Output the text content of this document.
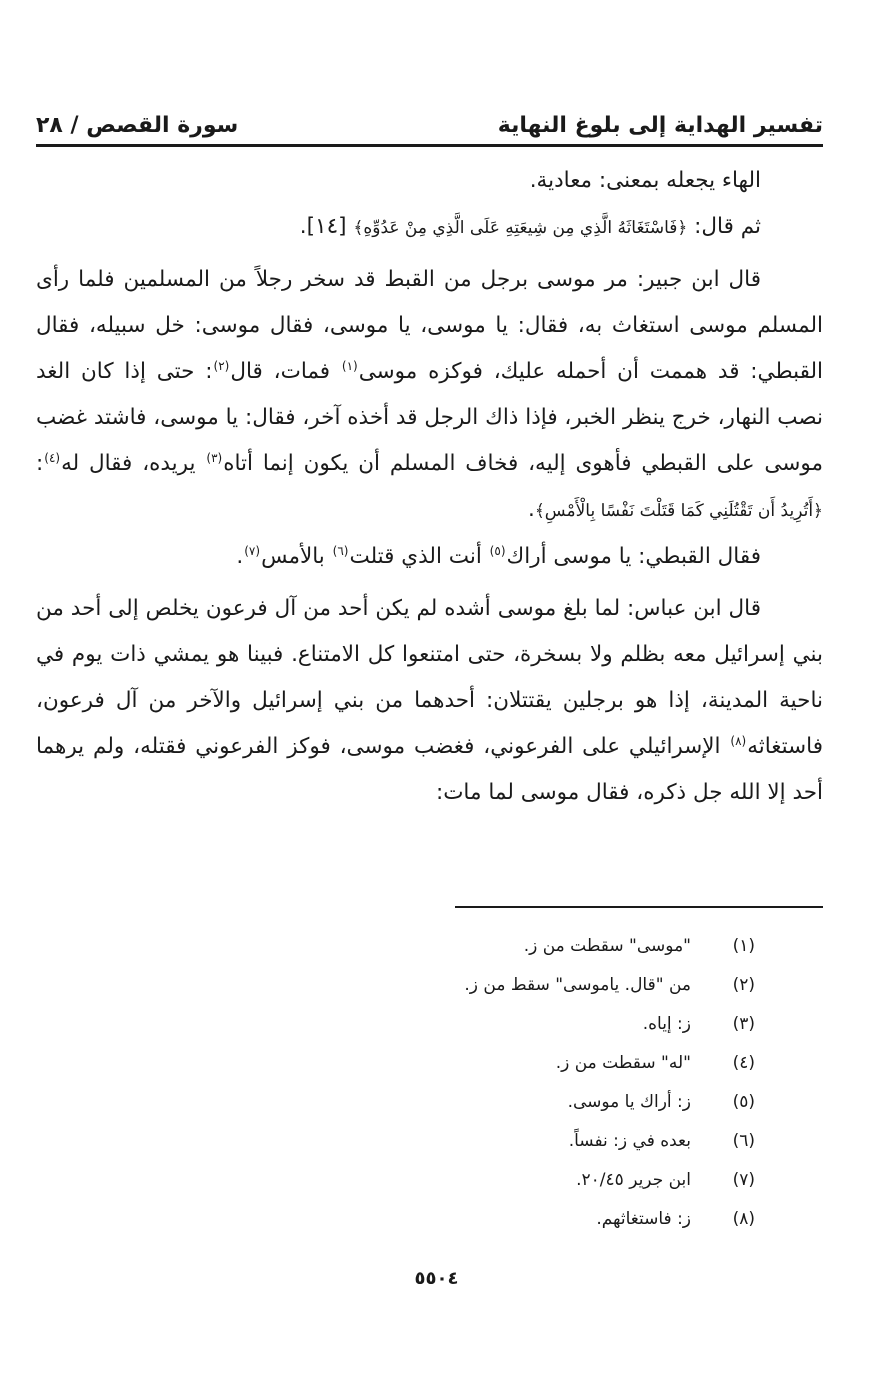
تفسير الهداية إلى بلوغ النهاية
سورة القصص / ٢٨

الهاء يجعله بمعنى: معادية.

ثم قال: ﴿فَاسْتَغَاثَهُ الَّذِي مِن شِيعَتِهِ عَلَى الَّذِي مِنْ عَدُوِّهِ﴾ [١٤].

قال ابن جبير: مر موسى برجل من القبط قد سخر رجلاً من المسلمين فلما رأى المسلم موسى استغاث به، فقال: يا موسى، يا موسى، فقال موسى: خل سبيله، فقال القبطي: قد هممت أن أحمله عليك، فوكزه موسى$^{(١)}$ فمات، قال$^{(٢)}$: حتى إذا كان الغد نصب النهار، خرج ينظر الخبر، فإذا ذاك الرجل قد أخذه آخر، فقال: يا موسى، فاشتد غضب موسى على القبطي فأهوى إليه، فخاف المسلم أن يكون إنما أتاه$^{(٣)}$ يريده، فقال له$^{(٤)}$: ﴿أَتُرِيدُ أَن تَقْتُلَنِي كَمَا قَتَلْتَ نَفْسًا بِالْأَمْسِ﴾.

فقال القبطي: يا موسى أراك$^{(٥)}$ أنت الذي قتلت$^{(٦)}$ بالأمس$^{(٧)}$.

قال ابن عباس: لما بلغ موسى أشده لم يكن أحد من آل فرعون يخلص إلى أحد من بني إسرائيل معه بظلم ولا بسخرة، حتى امتنعوا كل الامتناع. فبينا هو يمشي ذات يوم في ناحية المدينة، إذا هو برجلين يقتتلان: أحدهما من بني إسرائيل والآخر من آل فرعون، فاستغاثه$^{(٨)}$ الإسرائيلي على الفرعوني، فغضب موسى، فوكز الفرعوني فقتله، ولم يرهما أحد إلا الله جل ذكره، فقال موسى لما مات:

(١)
"موسى" سقطت من ز.
(٢)
من "قال. ياموسى" سقط من ز.
(٣)
ز: إياه.
(٤)
"له" سقطت من ز.
(٥)
ز: أراك يا موسى.
(٦)
بعده في ز: نفساً.
(٧)
ابن جرير ٢٠/٤٥.
(٨)
ز: فاستغاثهم.
٥٥٠٤
